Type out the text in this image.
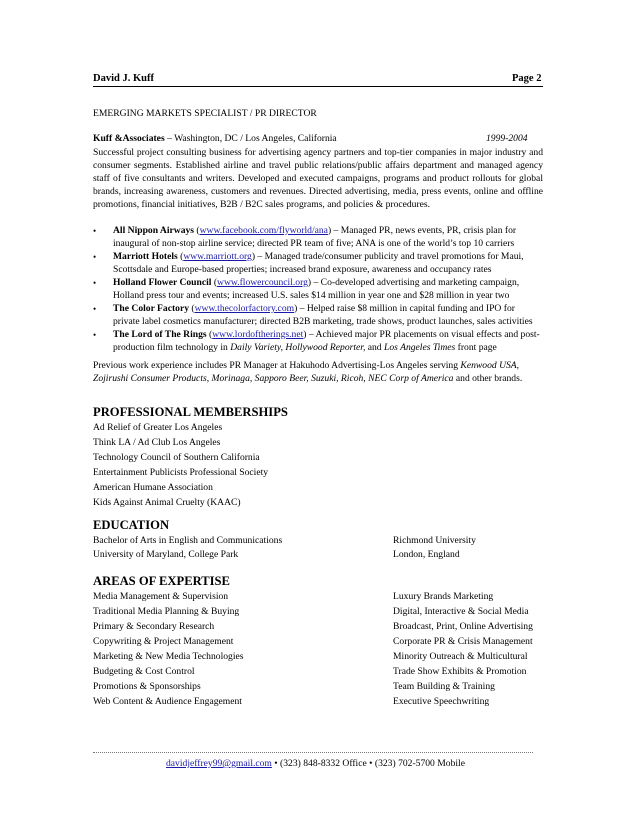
David J. Kuff	Page 2
EMERGING MARKETS SPECIALIST / PR DIRECTOR
Kuff &Associates – Washington, DC / Los Angeles, California	1999-2004
Successful project consulting business for advertising agency partners and top-tier companies in major industry and consumer segments. Established airline and travel public relations/public affairs department and managed agency staff of five consultants and writers. Developed and executed campaigns, programs and product rollouts for global brands, increasing awareness, customers and revenues. Directed advertising, media, press events, online and offline promotions, financial initiatives, B2B / B2C sales programs, and policies & procedures.
• All Nippon Airways (www.facebook.com/flyworld/ana) – Managed PR, news events, PR, crisis plan for inaugural of non-stop airline service; directed PR team of five; ANA is one of the world’s top 10 carriers
• Marriott Hotels (www.marriott.org) – Managed trade/consumer publicity and travel promotions for Maui, Scottsdale and Europe-based properties; increased brand exposure, awareness and occupancy rates
• Holland Flower Council (www.flowercouncil.org) – Co-developed advertising and marketing campaign, Holland press tour and events; increased U.S. sales $14 million in year one and $28 million in year two
• The Color Factory (www.thecolorfactory.com) – Helped raise $8 million in capital funding and IPO for private label cosmetics manufacturer; directed B2B marketing, trade shows, product launches, sales activities
• The Lord of The Rings (www.lordoftherings.net) – Achieved major PR placements on visual effects and post-production film technology in Daily Variety, Hollywood Reporter, and Los Angeles Times front page
Previous work experience includes PR Manager at Hakuhodo Advertising-Los Angeles serving Kenwood USA, Zojirushi Consumer Products, Morinaga, Sapporo Beer, Suzuki, Ricoh, NEC Corp of America and other brands.
PROFESSIONAL MEMBERSHIPS
Ad Relief of Greater Los Angeles
Think LA / Ad Club Los Angeles
Technology Council of Southern California
Entertainment Publicists Professional Society
American Humane Association
Kids Against Animal Cruelty (KAAC)
EDUCATION
Bachelor of Arts in English and Communications	Richmond University
University of Maryland, College Park	London, England
AREAS OF EXPERTISE
Media Management & Supervision	Luxury Brands Marketing
Traditional Media Planning & Buying	Digital, Interactive & Social Media
Primary & Secondary Research	Broadcast, Print, Online Advertising
Copywriting & Project Management	Corporate PR & Crisis Management
Marketing & New Media Technologies	Minority Outreach & Multicultural
Budgeting & Cost Control	Trade Show Exhibits & Promotion
Promotions & Sponsorships	Team Building & Training
Web Content & Audience Engagement	Executive Speechwriting
davidjeffrey99@gmail.com • (323) 848-8332 Office • (323) 702-5700 Mobile
